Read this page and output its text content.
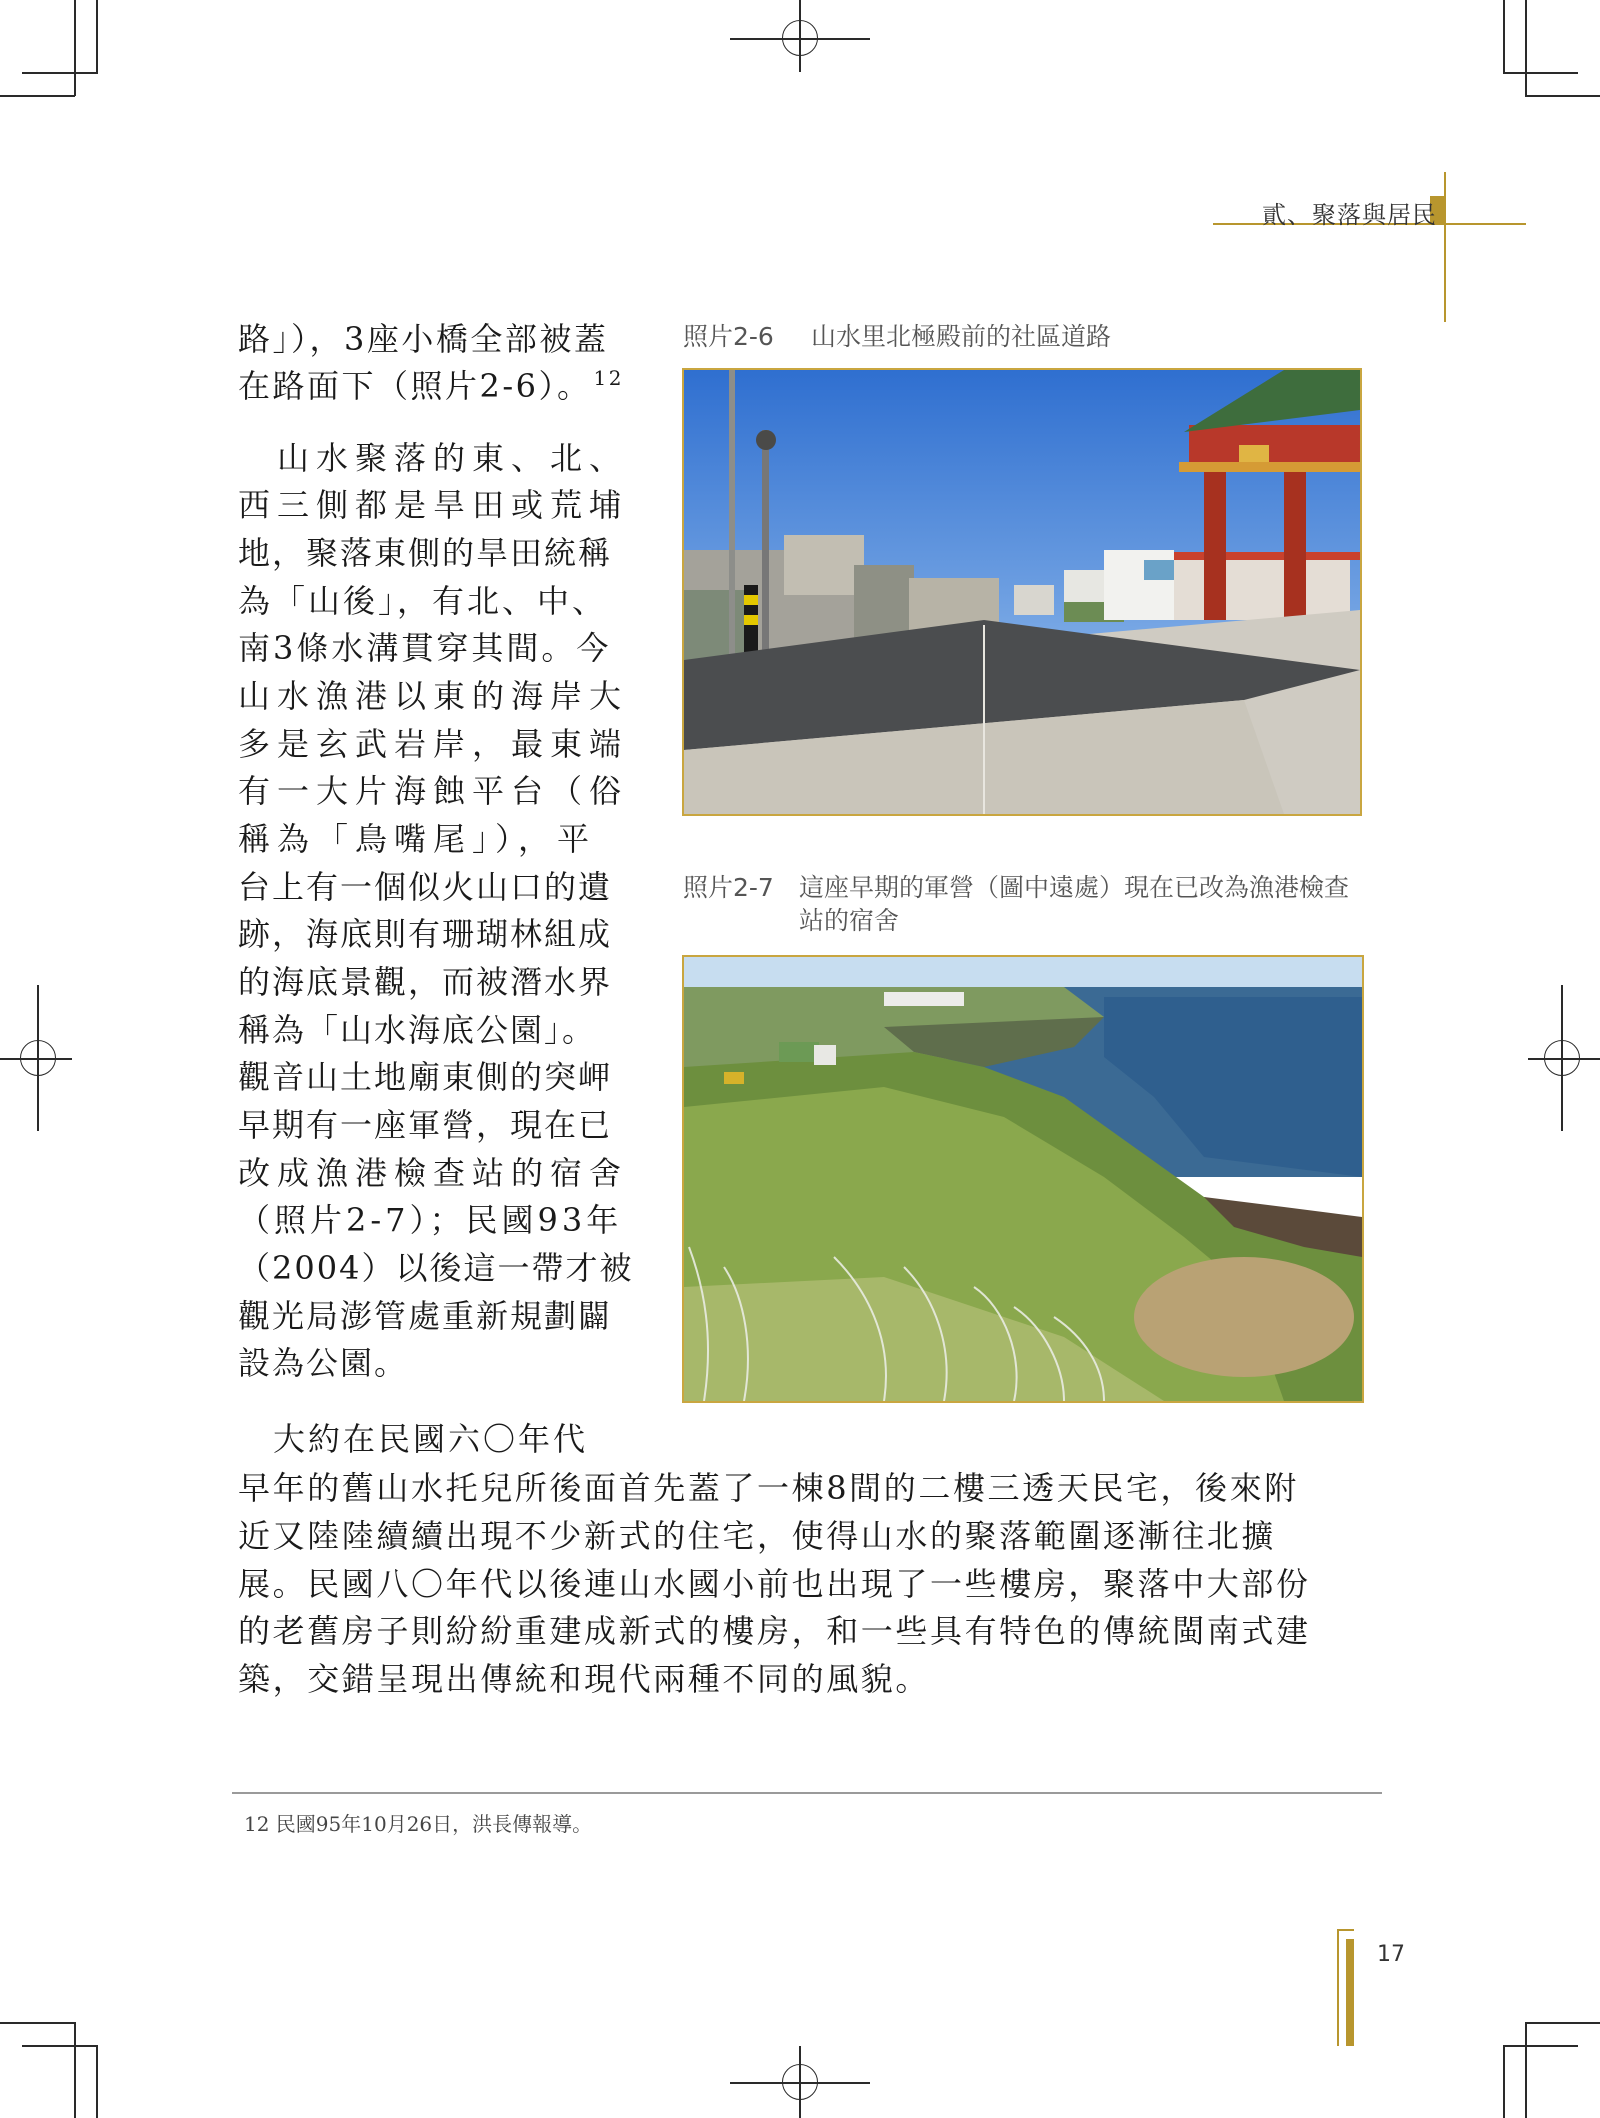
貳、聚落與居民
路」），3座小橋全部被蓋
在路面下（照片2-6）。 $^{12}$
　山水聚落的東、北、
西三側都是旱田或荒埔
地，聚落東側的旱田統稱
為「山後」，有北、中、
南3條水溝貫穿其間。今
山水漁港以東的海岸大
多是玄武岩岸，最東端
有一大片海蝕平台（俗
稱為「鳥嘴尾」），平
台上有一個似火山口的遺
跡，海底則有珊瑚林組成
的海底景觀，而被潛水界
稱為「山水海底公園」。
觀音山土地廟東側的突岬
早期有一座軍營，現在已
改成漁港檢查站的宿舍
（照片2-7）；民國93年
（2004）以後這一帶才被
觀光局澎管處重新規劃闢
設為公園。
　大約在民國六〇年代
早年的舊山水托兒所後面首先蓋了一棟8間的二樓三透天民宅，後來附
近又陸陸續續出現不少新式的住宅，使得山水的聚落範圍逐漸往北擴
展。民國八〇年代以後連山水國小前也出現了一些樓房，聚落中大部份
的老舊房子則紛紛重建成新式的樓房，和一些具有特色的傳統閩南式建
築，交錯呈現出傳統和現代兩種不同的風貌。
照片2-6 山水里北極殿前的社區道路
照片2-7 這座早期的軍營（圖中遠處）現在已改為漁港檢查
站的宿舍
12 民國95年10月26日，洪長傳報導。
17
